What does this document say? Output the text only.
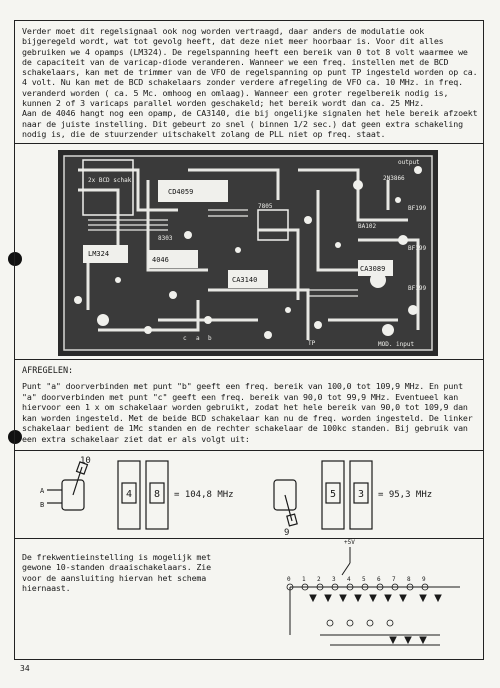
Verder moet dit regelsignaal ook nog worden vertraagd, daar anders de modulatie ook bijgeregeld wordt, wat tot gevolg heeft, dat deze niet meer hoorbaar is. Voor dit alles gebruiken we 4 opamps (LM324). De regelspanning heeft een bereik van 0 tot 8 volt waarmee we de capaciteit van de varicap-diode veranderen. Wanneer we een freq. instellen met de BCD schakelaars, kan met de trimmer van de VFO de regelspanning op punt TP ingesteld worden op ca. 4 volt. Nu kan met de BCD schakelaars zonder verdere afregeling de VFO ca. 10 MHz. in freq. veranderd worden ( ca. 5 Mc. omhoog en omlaag). Wanneer een groter regelbereik nodig is, kunnen 2 of 3 varicaps parallel worden geschakeld; het bereik wordt dan ca. 25 MHz.

Aan de 4046 hangt nog een opamp, de CA3140, die bij ongelijke signalen het hele bereik afzoekt naar de juiste instelling. Dit gebeurt zo snel ( binnen 1/2 sec.) dat geen extra schakeling nodig is, die de stuurzender uitschakelt zolang de PLL niet op freq. staat.

CD4059
LM324
4046
CA3140
CA3089
2x BCD schak.
TP	MOD. input
output
BF199
BF199
BF199
BA102
8303
2N3866
7805
b
c a
AFREGELEN:

Punt "a" doorverbinden met punt "b" geeft een freq. bereik van 100,0 tot 109,9 MHz. En punt "a" doorverbinden met punt "c" geeft een freq. bereik van 90,0 tot 99,9 MHz. Eventueel kan hiervoor een 1 x om schakelaar worden gebruikt, zodat het hele bereik van 90,0 tot 109,9 dan kan worden ingesteld. Met de beide BCD schakelaar kan nu de freq. worden ingesteld. De linker schakelaar bedient de 1Mc standen en de rechter schakelaar de 100kc standen. Bij gebruik van een extra schakelaar ziet dat er als volgt uit:

10
A
B
4 8 = 104,8 MHz
9
5 3 = 95,3 MHz

De frekwentieinstelling is mogelijk met gewone 10-standen draaischakelaars. Zie voor de aansluiting hiervan het schema hiernaast.

+5V
0 1 2 3 4 5 6 7 8 9
34
